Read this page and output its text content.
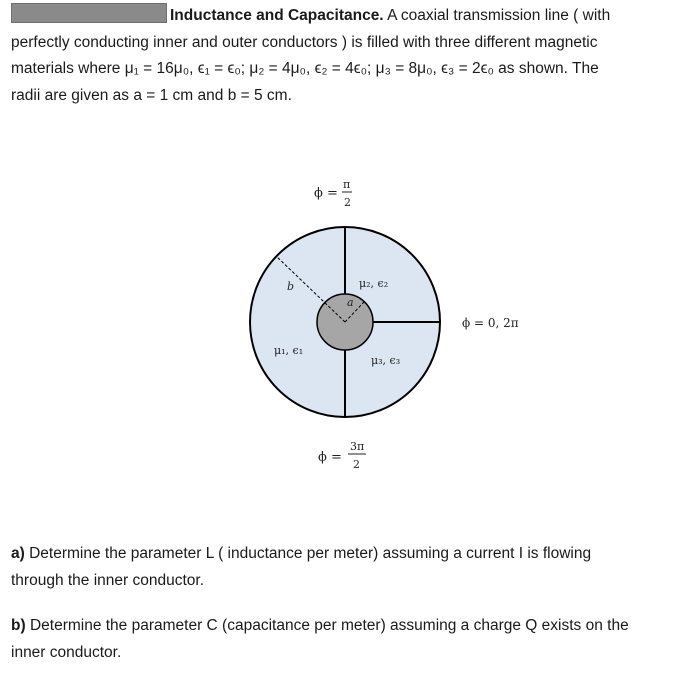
Inductance and Capacitance. A coaxial transmission line ( with
perfectly conducting inner and outer conductors ) is filled with three different magnetic
materials where μ₁ = 16μ₀, ϵ₁ = ϵ₀; μ₂ = 4μ₀, ϵ₂ = 4ϵ₀; μ₃ = 8μ₀, ϵ₃ = 2ϵ₀ as shown. The
radii are given as a = 1 cm and b = 5 cm.
a
b	μ₂, ϵ₂
μ₁, ϵ₁
μ₃, ϵ₃
ϕ =
π
2
ϕ = 0, 2π
ϕ =
3π
2
a) Determine the parameter L ( inductance per meter) assuming a current I is flowing
through the inner conductor.
b) Determine the parameter C (capacitance per meter) assuming a charge Q exists on the
inner conductor.
